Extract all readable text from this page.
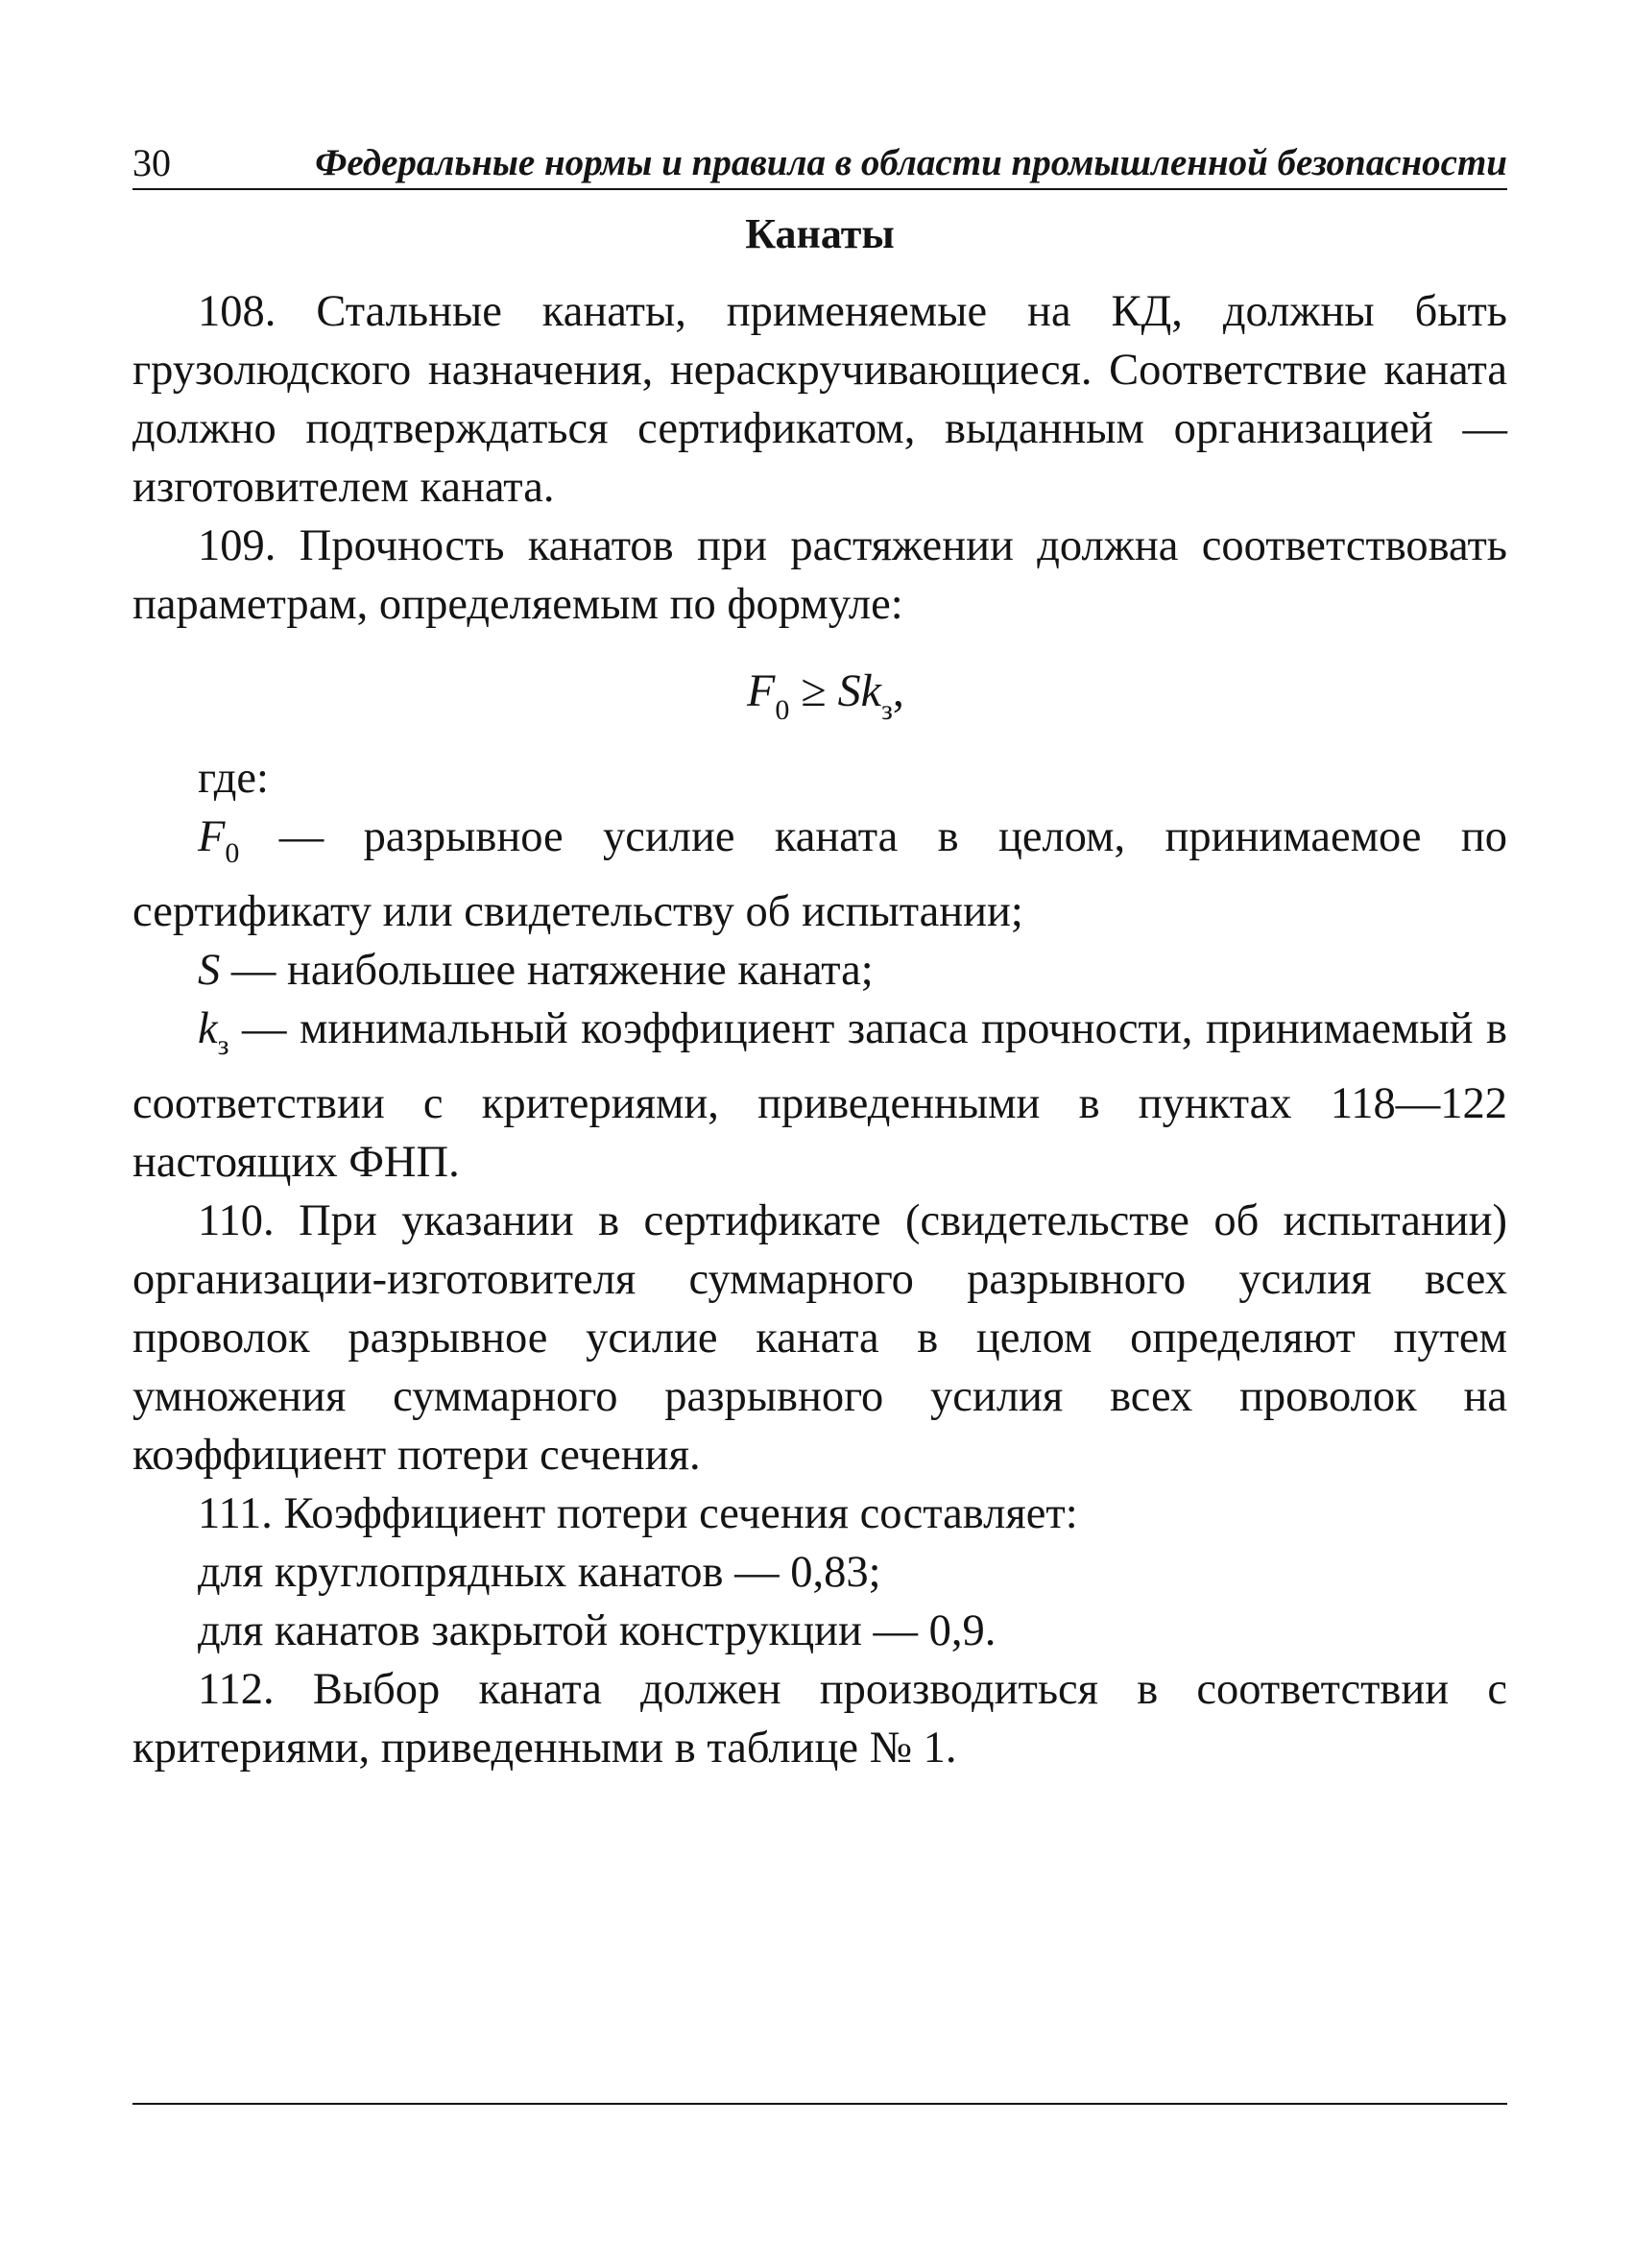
30	Федеральные нормы и правила в области промышленной безопасности
Канаты

108. Стальные канаты, применяемые на КД, должны быть грузолюдского назначения, нераскручивающиеся. Соответствие каната должно подтверждаться сертификатом, выданным организацией — изготовителем каната.

109. Прочность канатов при растяжении должна соответствовать параметрам, определяемым по формуле:

$F_0 \ge Sk_з$,

где:

$F_0$ — разрывное усилие каната в целом, принимаемое по сертификату или свидетельству об испытании;

S — наибольшее натяжение каната;

$k_з$ — минимальный коэффициент запаса прочности, принимаемый в соответствии с критериями, приведенными в пунктах 118—122 настоящих ФНП.

110. При указании в сертификате (свидетельстве об испытании) организации-изготовителя суммарного разрывного усилия всех проволок разрывное усилие каната в целом определяют путем умножения суммарного разрывного усилия всех проволок на коэффициент потери сечения.

111. Коэффициент потери сечения составляет:

для круглопрядных канатов — 0,83;

для канатов закрытой конструкции — 0,9.

112. Выбор каната должен производиться в соответствии с критериями, приведенными в таблице № 1.
